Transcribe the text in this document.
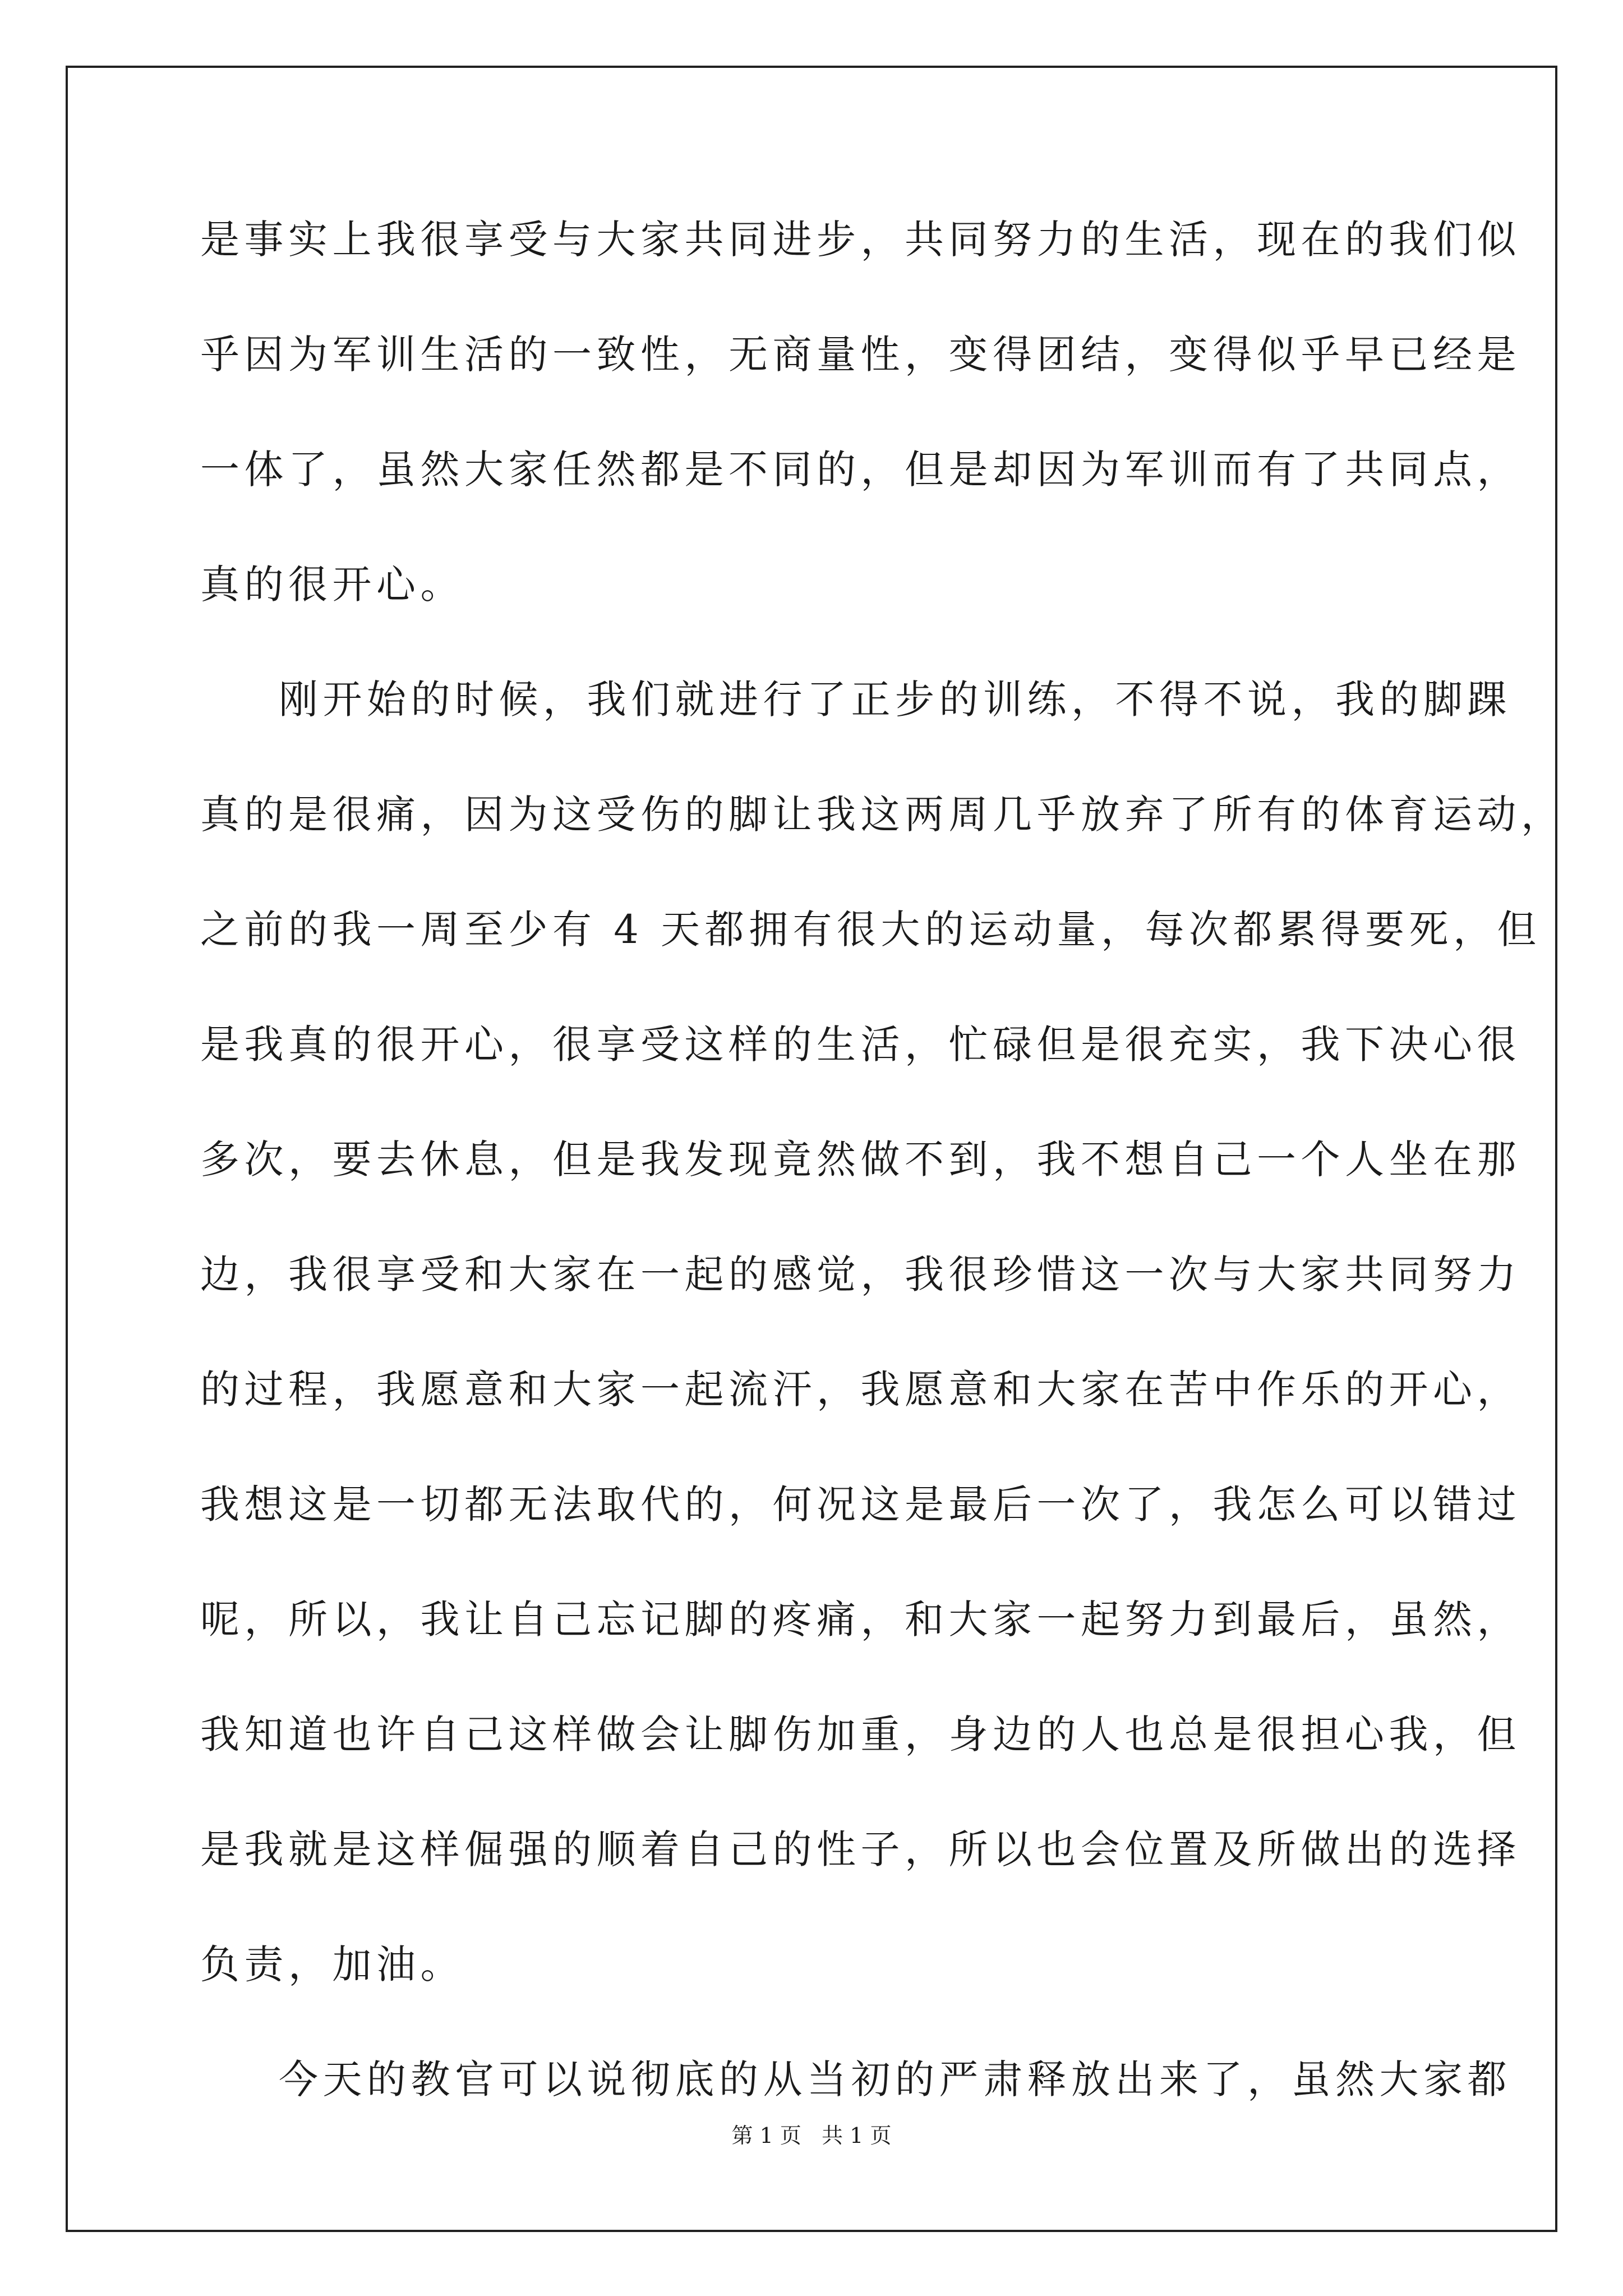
是事实上我很享受与大家共同进步，共同努力的生活，现在的我们似
乎因为军训生活的一致性，无商量性，变得团结，变得似乎早已经是
一体了，虽然大家任然都是不同的，但是却因为军训而有了共同点，
真的很开心。
刚开始的时候，我们就进行了正步的训练，不得不说，我的脚踝
真的是很痛，因为这受伤的脚让我这两周几乎放弃了所有的体育运动，
之前的我一周至少有 4 天都拥有很大的运动量，每次都累得要死，但
是我真的很开心，很享受这样的生活，忙碌但是很充实，我下决心很
多次，要去休息，但是我发现竟然做不到，我不想自己一个人坐在那
边，我很享受和大家在一起的感觉，我很珍惜这一次与大家共同努力
的过程，我愿意和大家一起流汗，我愿意和大家在苦中作乐的开心，
我想这是一切都无法取代的，何况这是最后一次了，我怎么可以错过
呢，所以，我让自己忘记脚的疼痛，和大家一起努力到最后，虽然，
我知道也许自己这样做会让脚伤加重，身边的人也总是很担心我，但
是我就是这样倔强的顺着自己的性子，所以也会位置及所做出的选择
负责，加油。
今天的教官可以说彻底的从当初的严肃释放出来了，虽然大家都
第 1 页   共 1 页
